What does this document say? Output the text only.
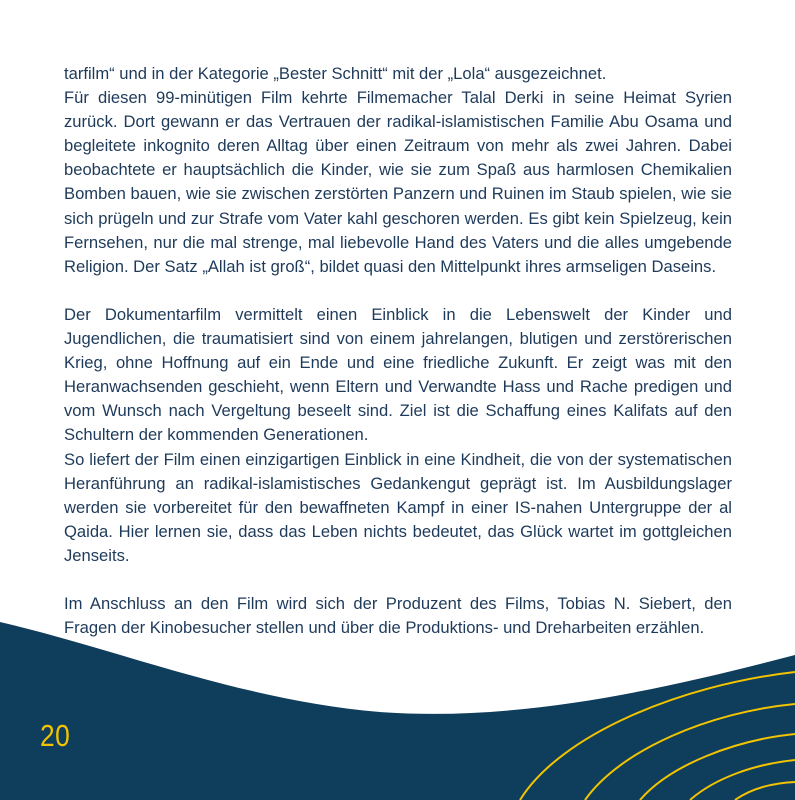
tarfilm“ und in der Kategorie „Bester Schnitt“ mit der „Lola“ ausgezeichnet.

Für diesen 99-minütigen Film kehrte Filmemacher Talal Derki in seine Heimat Syrien zurück. Dort gewann er das Vertrauen der radikal-islamistischen Familie Abu Osama und begleitete inkognito deren Alltag über einen Zeitraum von mehr als zwei Jahren. Dabei beobachtete er hauptsächlich die Kinder, wie sie zum Spaß aus harmlosen Chemikalien Bomben bauen, wie sie zwischen zerstörten Panzern und Ruinen im Staub spielen, wie sie sich prügeln und zur Strafe vom Vater kahl geschoren werden. Es gibt kein Spielzeug, kein Fernsehen, nur die mal strenge, mal liebevolle Hand des Vaters und die alles umgebende Religion. Der Satz „Allah ist groß“, bildet quasi den Mittelpunkt ihres armseligen Daseins.

Der Dokumentarfilm vermittelt einen Einblick in die Lebenswelt der Kinder und Jugendlichen, die traumatisiert sind von einem jahrelangen, blutigen und zerstörerischen Krieg, ohne Hoffnung auf ein Ende und eine friedliche Zukunft. Er zeigt was mit den Heranwachsenden geschieht, wenn Eltern und Verwandte Hass und Rache predigen und vom Wunsch nach Vergeltung beseelt sind. Ziel ist die Schaffung eines Kalifats auf den Schultern der kommenden Generationen.

So liefert der Film einen einzigartigen Einblick in eine Kindheit, die von der systematischen Heranführung an radikal-islamistisches Gedankengut geprägt ist. Im Ausbildungslager werden sie vorbereitet für den bewaffneten Kampf in einer IS-nahen Untergruppe der al Qaida. Hier lernen sie, dass das Leben nichts bedeutet, das Glück wartet im gottgleichen Jenseits.

Im Anschluss an den Film wird sich der Produzent des Films, Tobias N. Siebert, den Fragen der Kinobesucher stellen und über die Produktions- und Dreharbeiten erzählen.

20
